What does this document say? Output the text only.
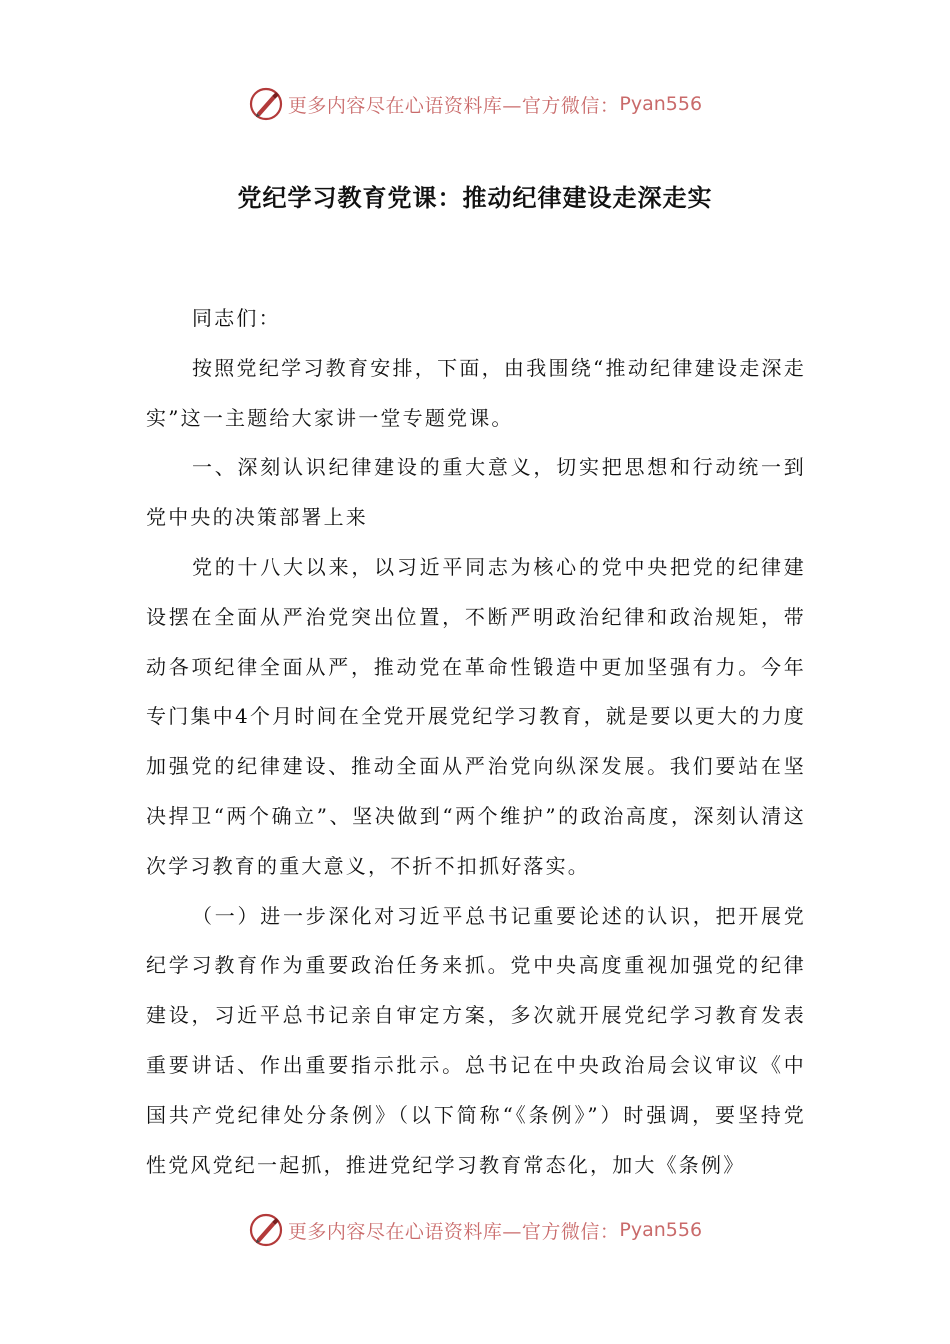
更多内容尽在心语资料库—官方微信： Pyan556
党纪学习教育党课：推动纪律建设走深走实

同志们：

按照党纪学习教育安排，下面，由我围绕“推动纪律建设走深走实”这一主题给大家讲一堂专题党课。

一、深刻认识纪律建设的重大意义，切实把思想和行动统一到党中央的决策部署上来

党的十八大以来，以习近平同志为核心的党中央把党的纪律建设摆在全面从严治党突出位置，不断严明政治纪律和政治规矩，带动各项纪律全面从严，推动党在革命性锻造中更加坚强有力。今年专门集中4个月时间在全党开展党纪学习教育，就是要以更大的力度加强党的纪律建设、推动全面从严治党向纵深发展。我们要站在坚决捍卫“两个确立”、坚决做到“两个维护”的政治高度，深刻认清这次学习教育的重大意义，不折不扣抓好落实。

（一）进一步深化对习近平总书记重要论述的认识，把开展党纪学习教育作为重要政治任务来抓。党中央高度重视加强党的纪律建设，习近平总书记亲自审定方案，多次就开展党纪学习教育发表重要讲话、作出重要指示批示。总书记在中央政治局会议审议《中国共产党纪律处分条例》（以下简称“《条例》”）时强调，要坚持党性党风党纪一起抓，推进党纪学习教育常态化，加大《条例》

更多内容尽在心语资料库—官方微信： Pyan556
